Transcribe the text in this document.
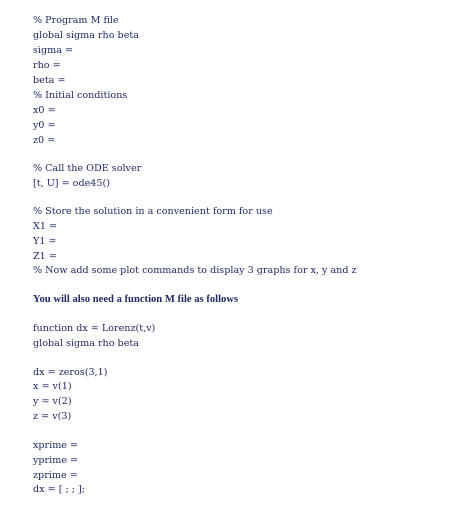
% Program M file
global sigma rho beta
sigma =
rho =
beta =
% Initial conditions
x0 =
y0 =
z0 =
% Call the ODE solver
[t, U] = ode45()
% Store the solution in a convenient form for use
X1 =
Y1 =
Z1 =
% Now add some plot commands to display 3 graphs for x, y and z
You will also need a function M file as follows
function dx = Lorenz(t,v)
global sigma rho beta
dx = zeros(3,1)
x = v(1)
y = v(2)
z = v(3)
xprime =
yprime =
zprime =
dx = [ ; ; ];
